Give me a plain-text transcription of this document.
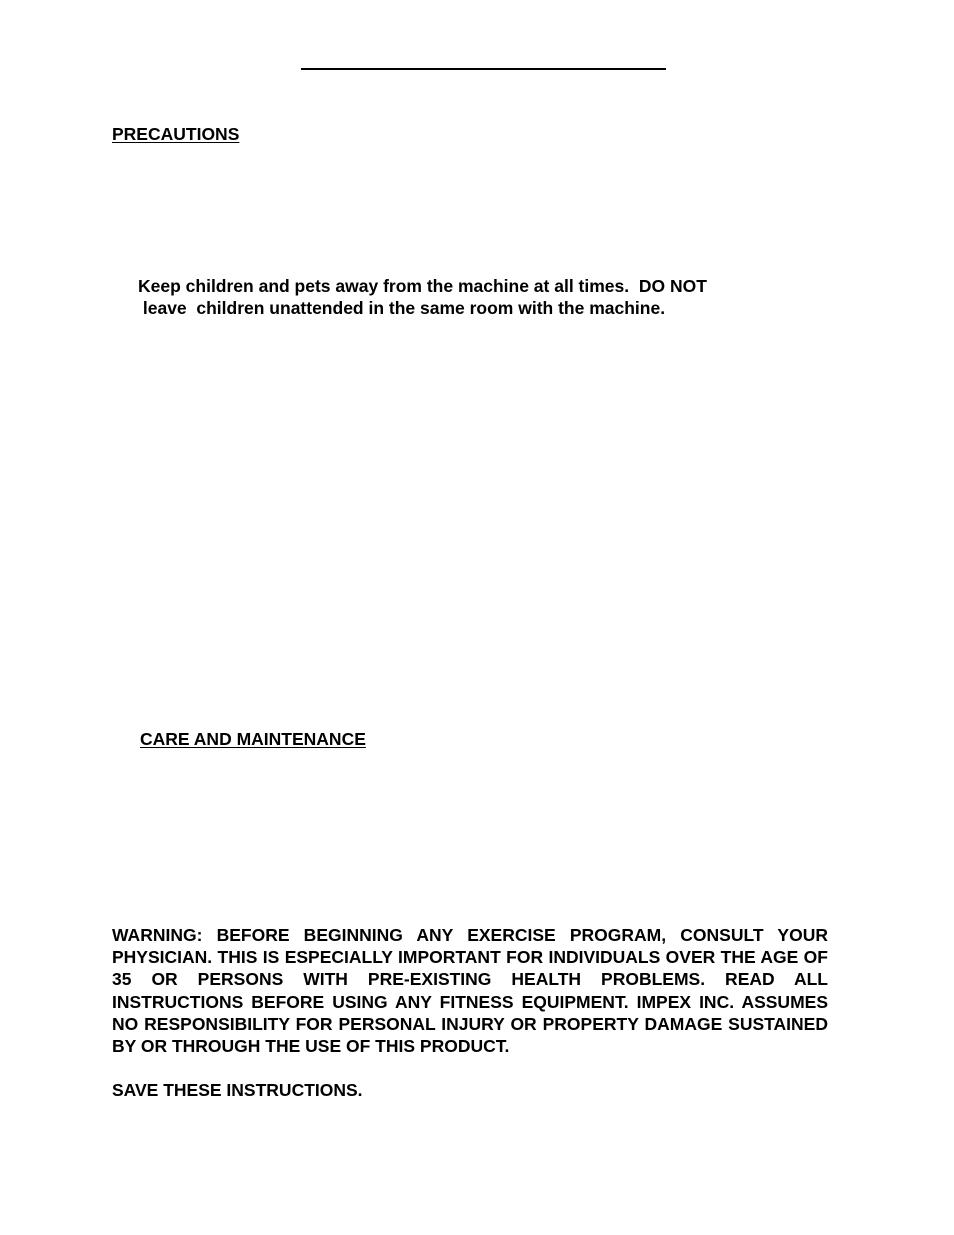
PRECAUTIONS
Keep children and pets away from the machine at all times.  DO NOT
leave  children unattended in the same room with the machine.
CARE AND MAINTENANCE
WARNING: BEFORE BEGINNING ANY EXERCISE PROGRAM, CONSULT YOUR PHYSICIAN. THIS IS ESPECIALLY IMPORTANT FOR INDIVIDUALS OVER THE AGE OF 35 OR PERSONS WITH PRE-EXISTING HEALTH PROBLEMS. READ ALL INSTRUCTIONS BEFORE USING ANY FITNESS EQUIPMENT. IMPEX INC. ASSUMES NO RESPONSIBILITY FOR PERSONAL INJURY OR PROPERTY DAMAGE SUSTAINED BY OR THROUGH THE USE OF THIS PRODUCT.
SAVE THESE INSTRUCTIONS.
